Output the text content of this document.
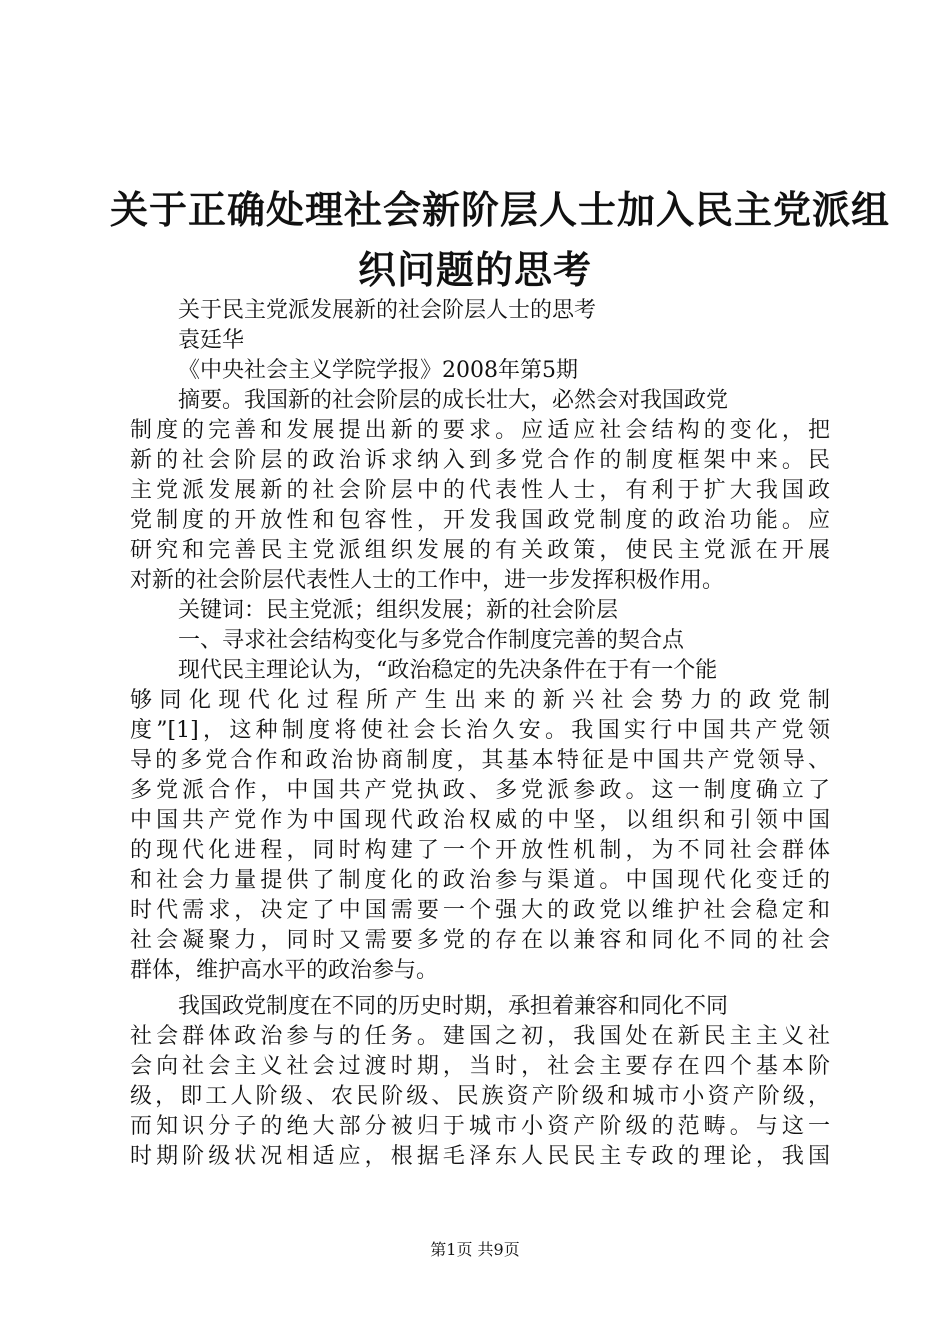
关于正确处理社会新阶层人士加入民主党派组
织问题的思考
关于民主党派发展新的社会阶层人士的思考
袁廷华
《中央社会主义学院学报》2008年第5期
摘要。我国新的社会阶层的成长壮大，必然会对我国政党
制度的完善和发展提出新的要求。应适应社会结构的变化，把
新的社会阶层的政治诉求纳入到多党合作的制度框架中来。民
主党派发展新的社会阶层中的代表性人士，有利于扩大我国政
党制度的开放性和包容性，开发我国政党制度的政治功能。应
研究和完善民主党派组织发展的有关政策，使民主党派在开展
对新的社会阶层代表性人士的工作中，进一步发挥积极作用。
关键词：民主党派；组织发展；新的社会阶层
一、寻求社会结构变化与多党合作制度完善的契合点
现代民主理论认为，“政治稳定的先决条件在于有一个能
够同化现代化过程所产生出来的新兴社会势力的政党制
度”[1]，这种制度将使社会长治久安。我国实行中国共产党领
导的多党合作和政治协商制度，其基本特征是中国共产党领导、
多党派合作，中国共产党执政、多党派参政。这一制度确立了
中国共产党作为中国现代政治权威的中坚，以组织和引领中国
的现代化进程，同时构建了一个开放性机制，为不同社会群体
和社会力量提供了制度化的政治参与渠道。中国现代化变迁的
时代需求，决定了中国需要一个强大的政党以维护社会稳定和
社会凝聚力，同时又需要多党的存在以兼容和同化不同的社会
群体，维护高水平的政治参与。
我国政党制度在不同的历史时期，承担着兼容和同化不同
社会群体政治参与的任务。建国之初，我国处在新民主主义社
会向社会主义社会过渡时期，当时，社会主要存在四个基本阶
级，即工人阶级、农民阶级、民族资产阶级和城市小资产阶级，
而知识分子的绝大部分被归于城市小资产阶级的范畴。与这一
时期阶级状况相适应，根据毛泽东人民民主专政的理论，我国
第1页 共9页
